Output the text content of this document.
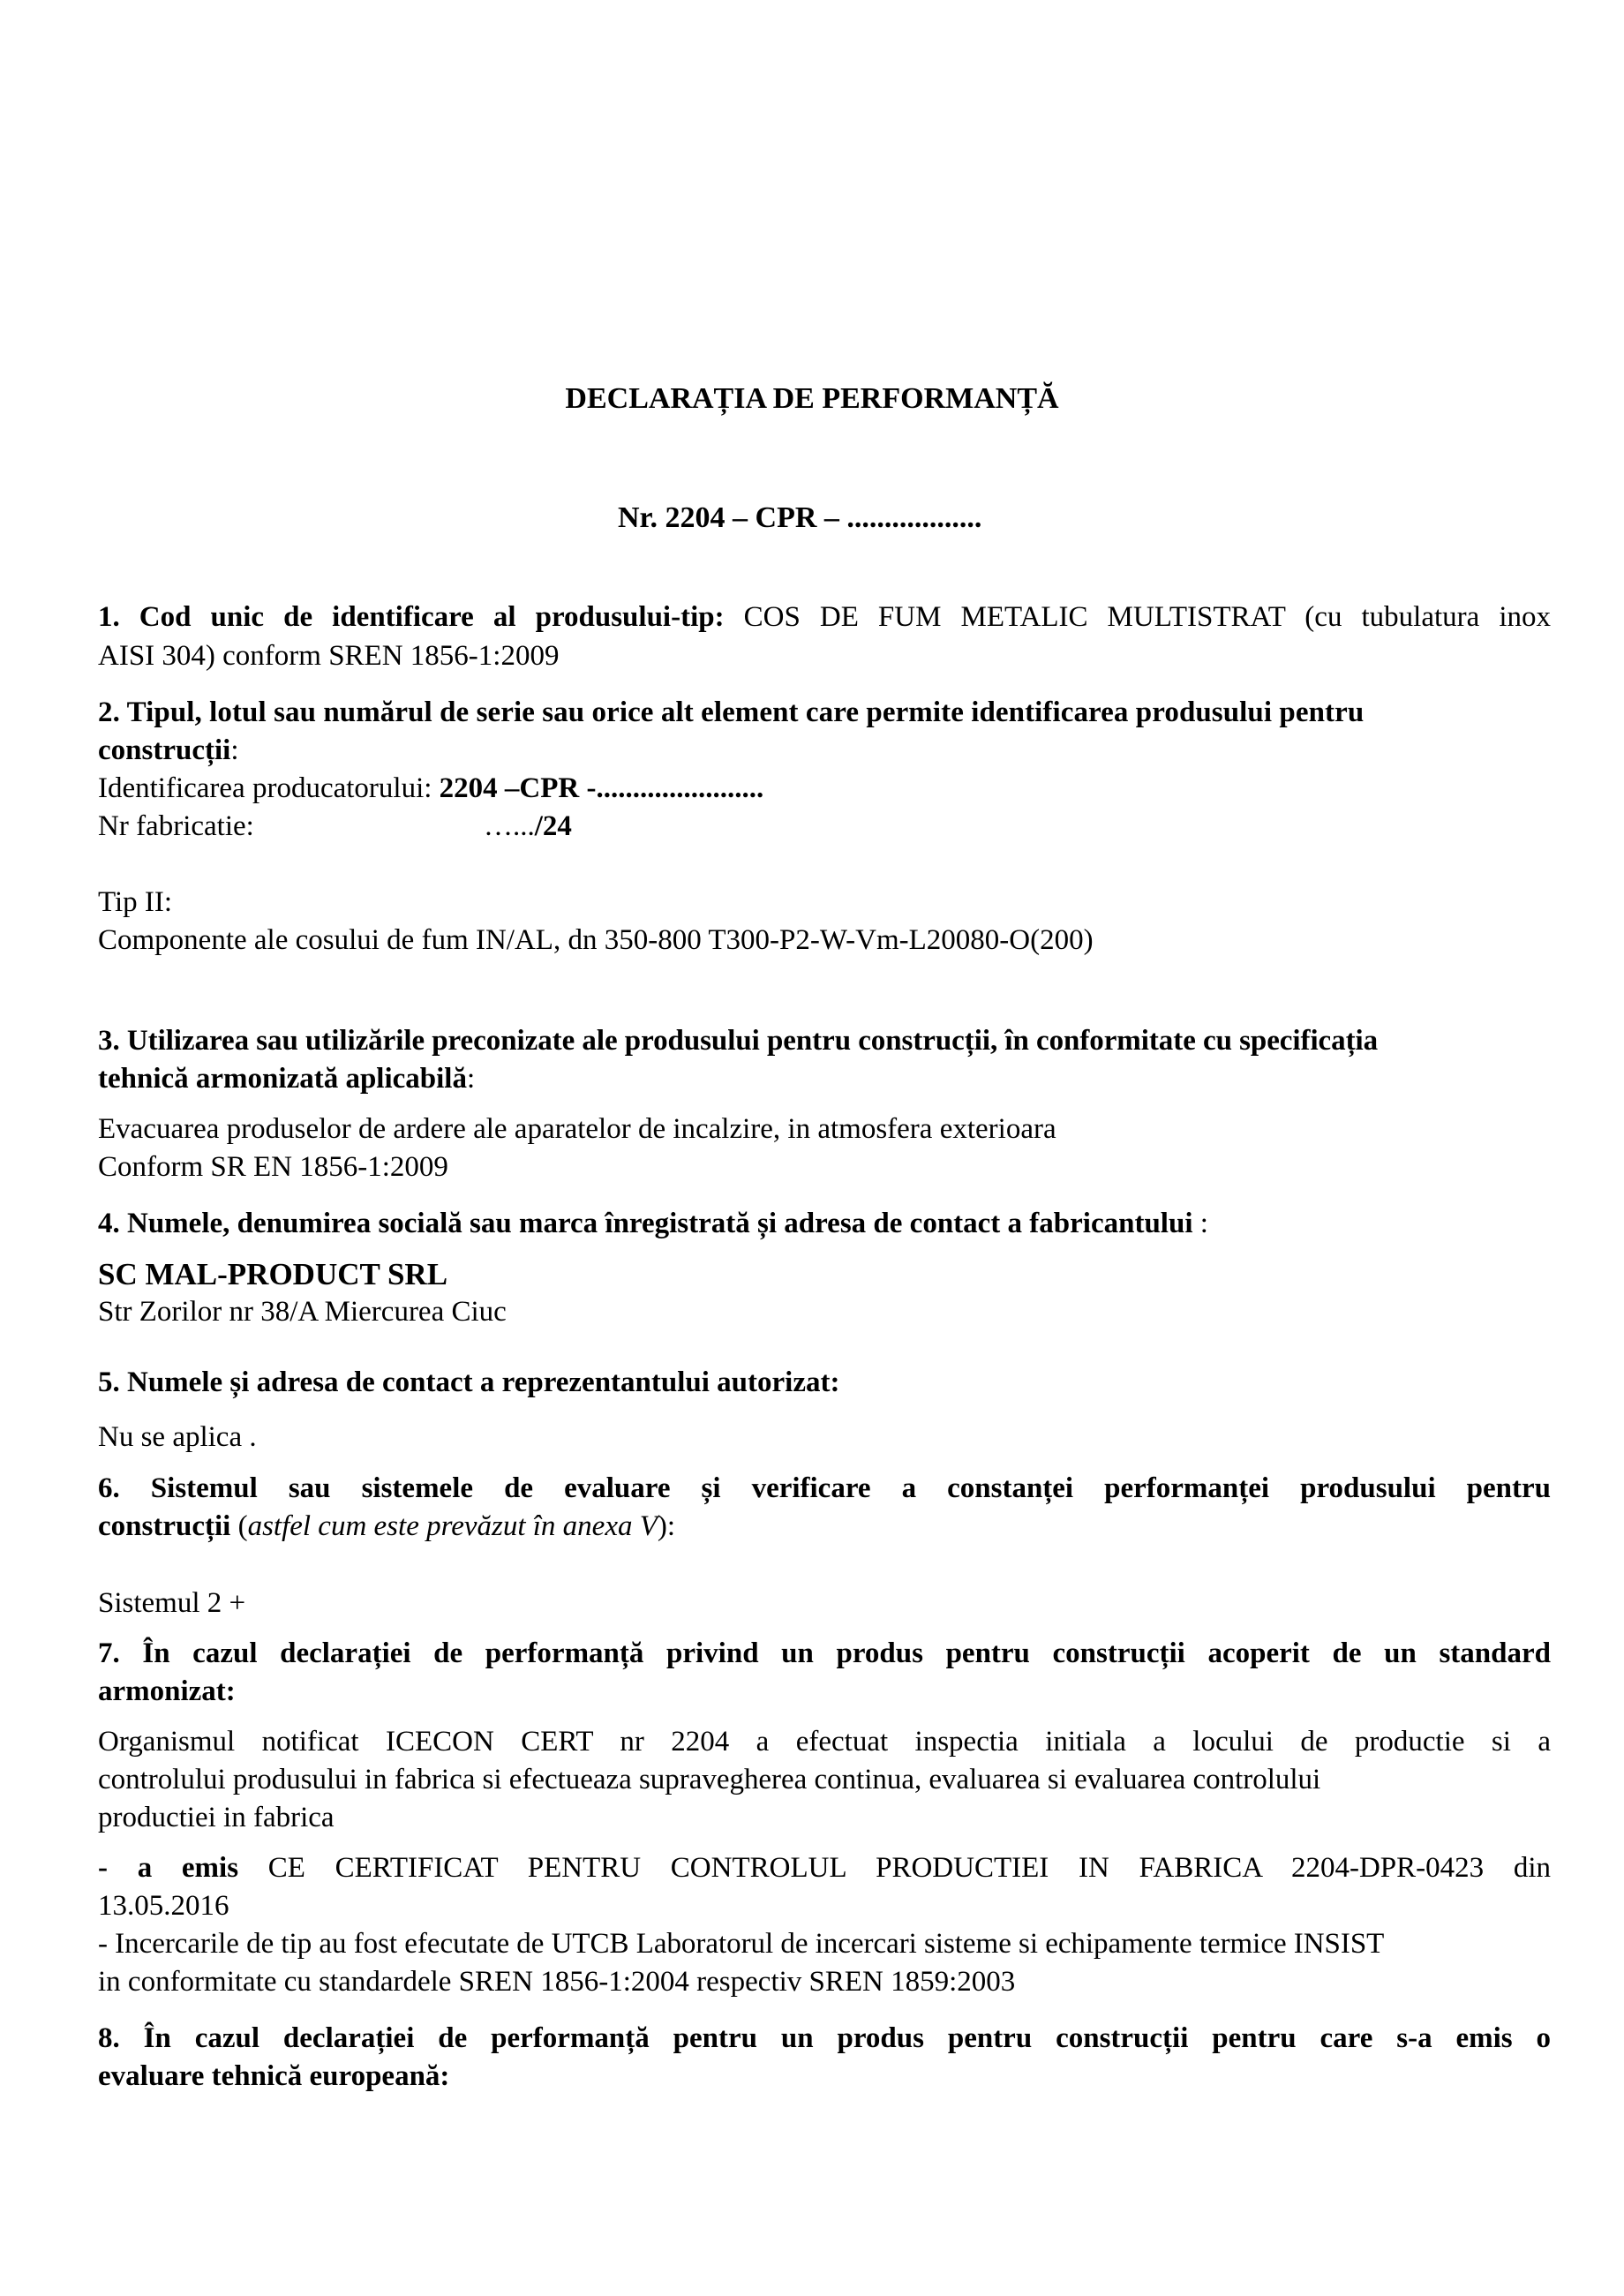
DECLARAȚIA DE PERFORMANȚĂ
Nr. 2204 – CPR – ..................
1. Cod unic de identificare al produsului-tip: COS DE FUM METALIC MULTISTRAT (cu tubulatura inox
AISI 304) conform SREN 1856-1:2009
2. Tipul, lotul sau numărul de serie sau orice alt element care permite identificarea produsului pentru
construcții:
Identificarea producatorului: 2204 –CPR -.......................
Nr fabricatie:	….../24
Tip II:
Componente ale cosului de fum IN/AL, dn 350-800 T300-P2-W-Vm-L20080-O(200)
3. Utilizarea sau utilizările preconizate ale produsului pentru construcții, în conformitate cu specificația
tehnică armonizată aplicabilă:
Evacuarea produselor de ardere ale aparatelor de incalzire, in atmosfera exterioara
Conform SR EN 1856-1:2009
4. Numele, denumirea socială sau marca înregistrată și adresa de contact a fabricantului :
SC MAL-PRODUCT SRL
Str Zorilor nr 38/A Miercurea Ciuc
5. Numele și adresa de contact a reprezentantului autorizat:
Nu se aplica .
6. Sistemul sau sistemele de evaluare și verificare a constanței performanței produsului pentru
construcții (astfel cum este prevăzut în anexa V):
Sistemul 2 +
7. În cazul declarației de performanță privind un produs pentru construcții acoperit de un standard
armonizat:
Organismul notificat ICECON CERT nr 2204 a efectuat inspectia initiala a locului de productie si a
controlului produsului in fabrica si efectueaza supravegherea continua, evaluarea si evaluarea controlului
productiei in fabrica
- a emis CE CERTIFICAT PENTRU CONTROLUL PRODUCTIEI IN FABRICA 2204-DPR-0423 din
13.05.2016
- Incercarile de tip au fost efecutate de UTCB Laboratorul de incercari sisteme si echipamente termice INSIST
in conformitate cu standardele SREN 1856-1:2004 respectiv SREN 1859:2003
8. În cazul declarației de performanță pentru un produs pentru construcții pentru care s-a emis o
evaluare tehnică europeană:
